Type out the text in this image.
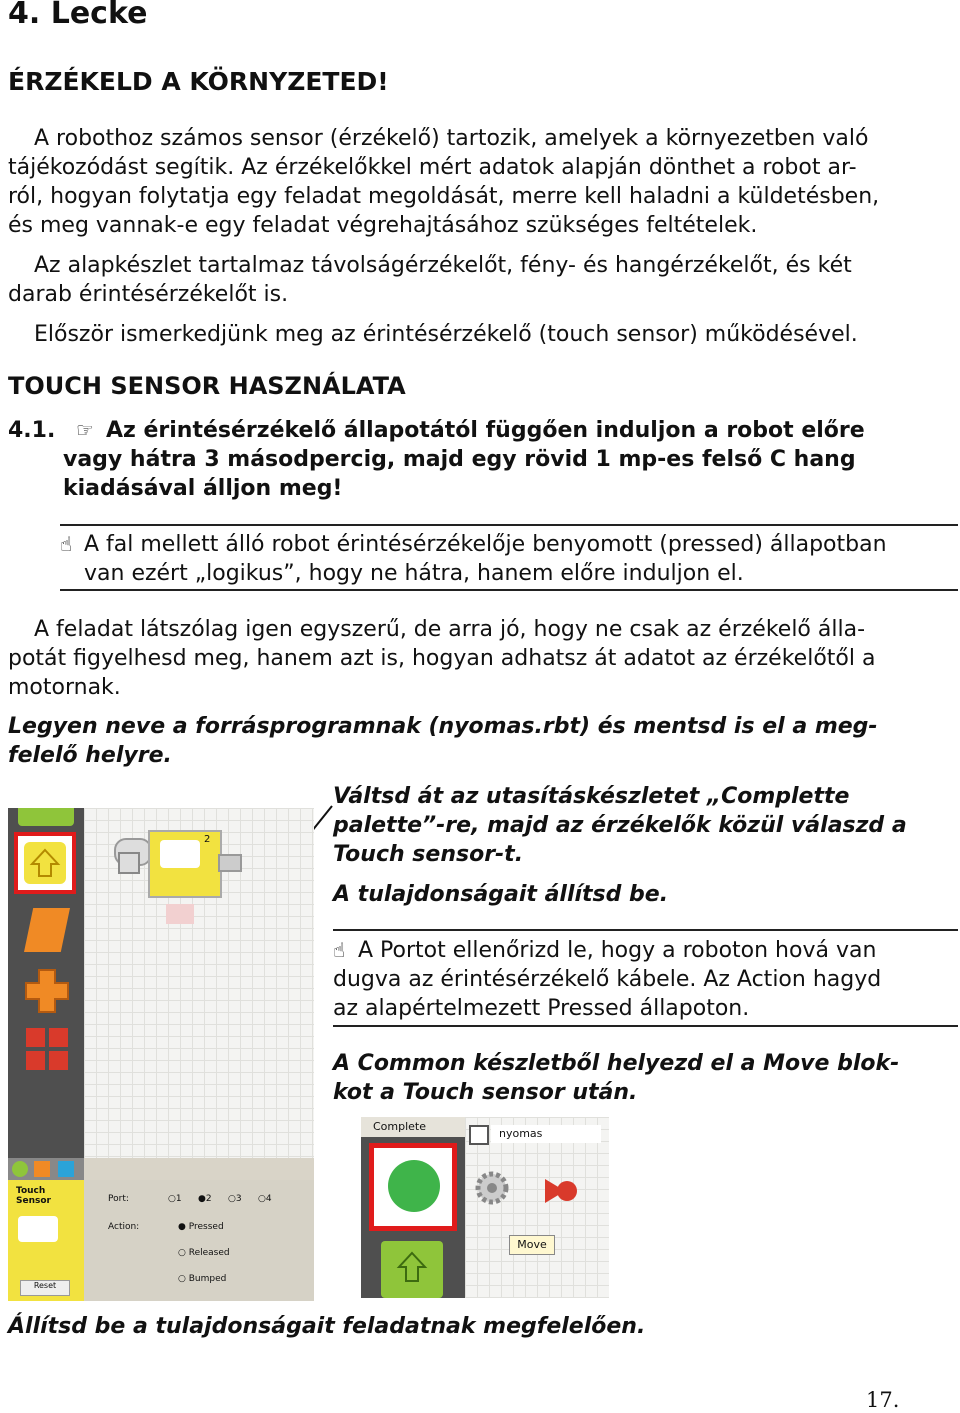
4. Lecke
ÉRZÉKELD A KÖRNYZETED!
A robothoz számos sensor (érzékelő) tartozik, amelyek a környezetben való
tájékozódást segítik. Az érzékelőkkel mért adatok alapján dönthet a robot ar-
ról, hogyan folytatja egy feladat megoldását, merre kell haladni a küldetésben,
és meg vannak-e egy feladat végrehajtásához szükséges feltételek.
Az alapkészlet tartalmaz távolságérzékelőt, fény- és hangérzékelőt, és két
darab érintésérzékelőt is.
Először ismerkedjünk meg az érintésérzékelő (touch sensor) működésével.
TOUCH SENSOR HASZNÁLATA
4.1. ☞ Az érintésérzékelő állapotától függően induljon a robot előre
vagy hátra 3 másodpercig, majd egy rövid 1 mp-es felső C hang
kiadásával álljon meg!
☝ A fal mellett álló robot érintésérzékelője benyomott (pressed) állapotban
van ezért „logikus”, hogy ne hátra, hanem előre induljon el.
A feladat látszólag igen egyszerű, de arra jó, hogy ne csak az érzékelő álla-
potát figyelhesd meg, hanem azt is, hogyan adhatsz át adatot az érzékelőtől a
motornak.
Legyen neve a forrásprogramnak (nyomas.rbt) és mentsd is el a meg-
felelő helyre.
Váltsd át az utasításkészletet „Complette
palette”-re, majd az érzékelők közül válaszd a
Touch sensor-t.
A tulajdonságait állítsd be.
☝ A Portot ellenőrizd le, hogy a roboton hová van
dugva az érintésérzékelő kábele. Az Action hagyd
az alapértelmezett Pressed állapoton.
A Common készletből helyezd el a Move blok-
kot a Touch sensor után.
2
Touch
Sensor
Reset
Port:
Action:
○1 ●2 ○3 ○4
● Pressed
○ Released
○ Bumped
Complete
nyomas
Move
Állítsd be a tulajdonságait feladatnak megfelelően.
17.
